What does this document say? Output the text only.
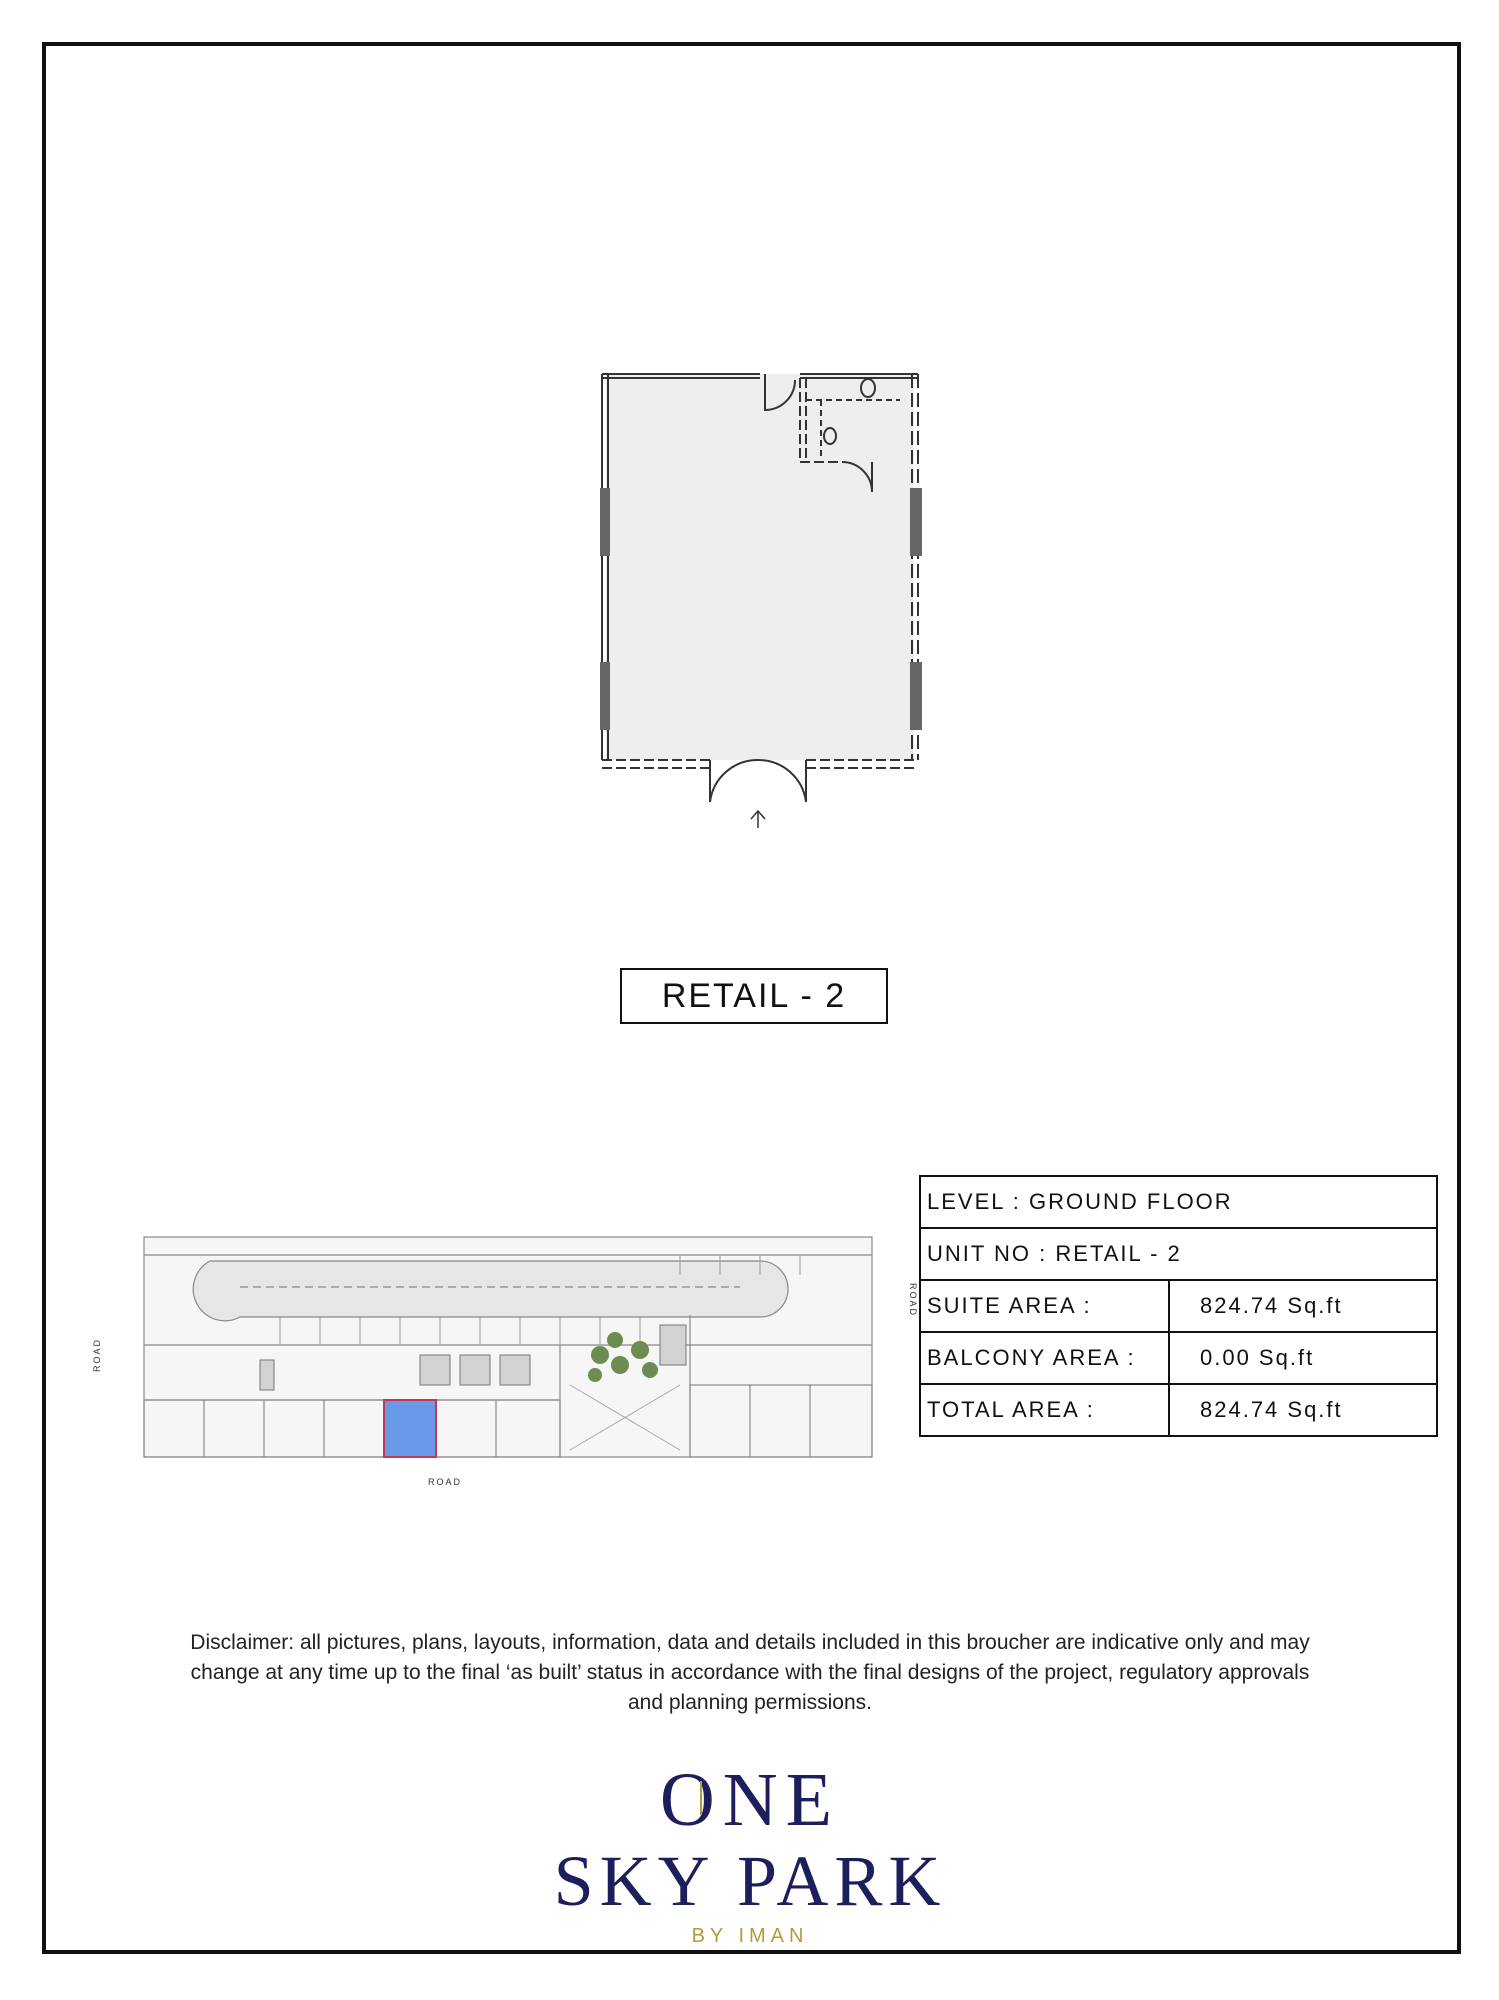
RETAIL - 2
LEVEL : GROUND FLOOR	
UNIT NO : RETAIL - 2	
SUITE AREA :	824.74 Sq.ft
BALCONY AREA :	0.00 Sq.ft
TOTAL AREA :	824.74 Sq.ft
ROAD
ROAD
ROAD
Disclaimer: all pictures, plans, layouts, information, data and details included in this broucher are indicative only and may
change at any time up to the final ‘as built’ status in accordance with the final designs of the project, regulatory approvals
and planning permissions.
ONE
SKY PARK
BY IMAN
